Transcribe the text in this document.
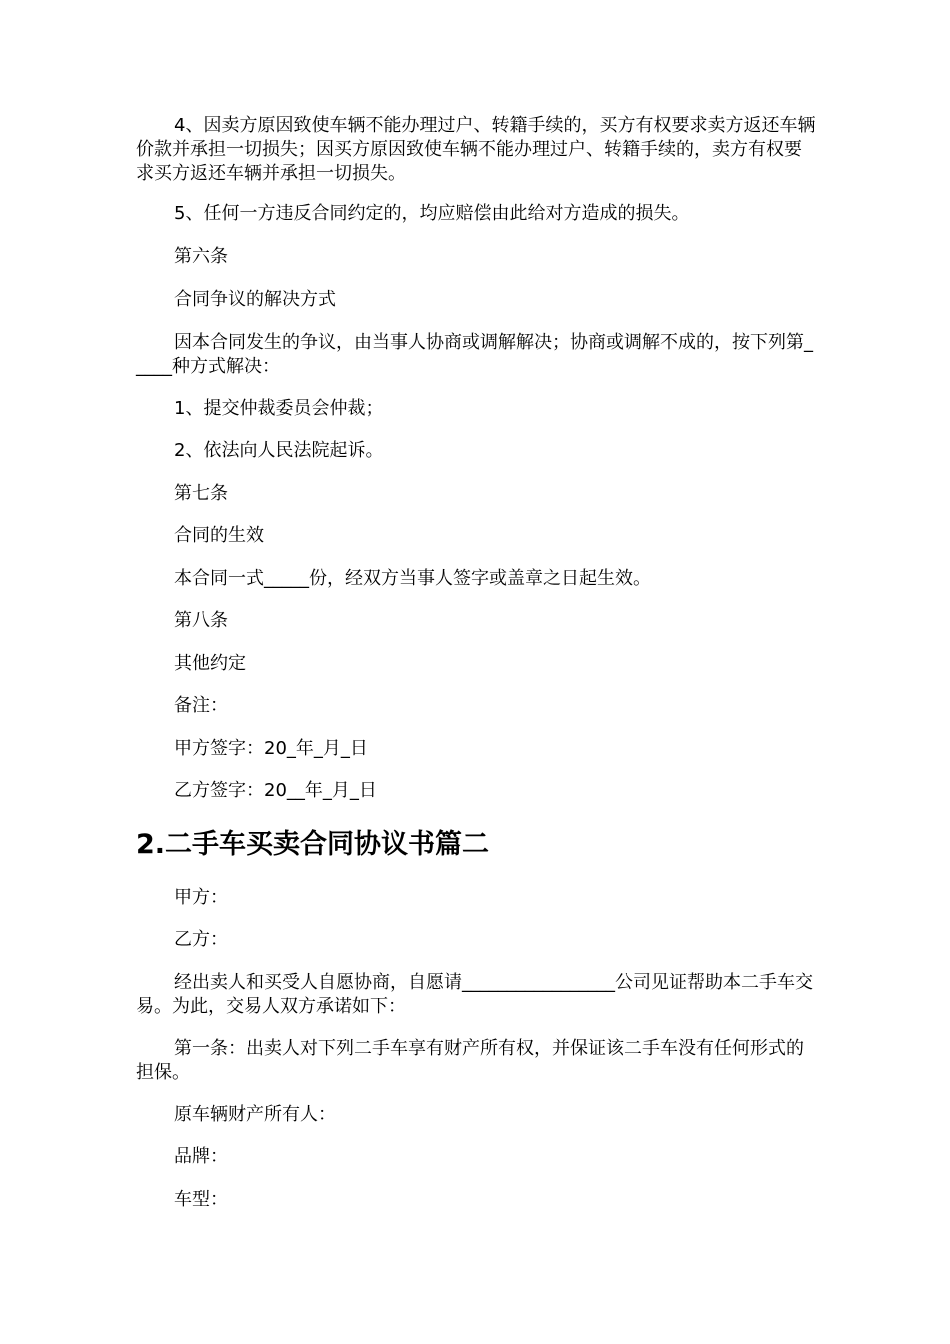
4、因卖方原因致使车辆不能办理过户、转籍手续的，买方有权要求卖方返还车辆价款并承担一切损失；因买方原因致使车辆不能办理过户、转籍手续的，卖方有权要求买方返还车辆并承担一切损失。
5、任何一方违反合同约定的，均应赔偿由此给对方造成的损失。
第六条
合同争议的解决方式
因本合同发生的争议，由当事人协商或调解解决；协商或调解不成的，按下列第_____种方式解决：
1、提交仲裁委员会仲裁；
2、依法向人民法院起诉。
第七条
合同的生效
本合同一式_____份，经双方当事人签字或盖章之日起生效。
第八条
其他约定
备注：
甲方签字：20_年_月_日
乙方签字：20__年_月_日
2.二手车买卖合同协议书篇二
甲方：
乙方：
经出卖人和买受人自愿协商，自愿请_________________公司见证帮助本二手车交易。为此，交易人双方承诺如下：
第一条：出卖人对下列二手车享有财产所有权，并保证该二手车没有任何形式的担保。
原车辆财产所有人：
品牌：
车型：
